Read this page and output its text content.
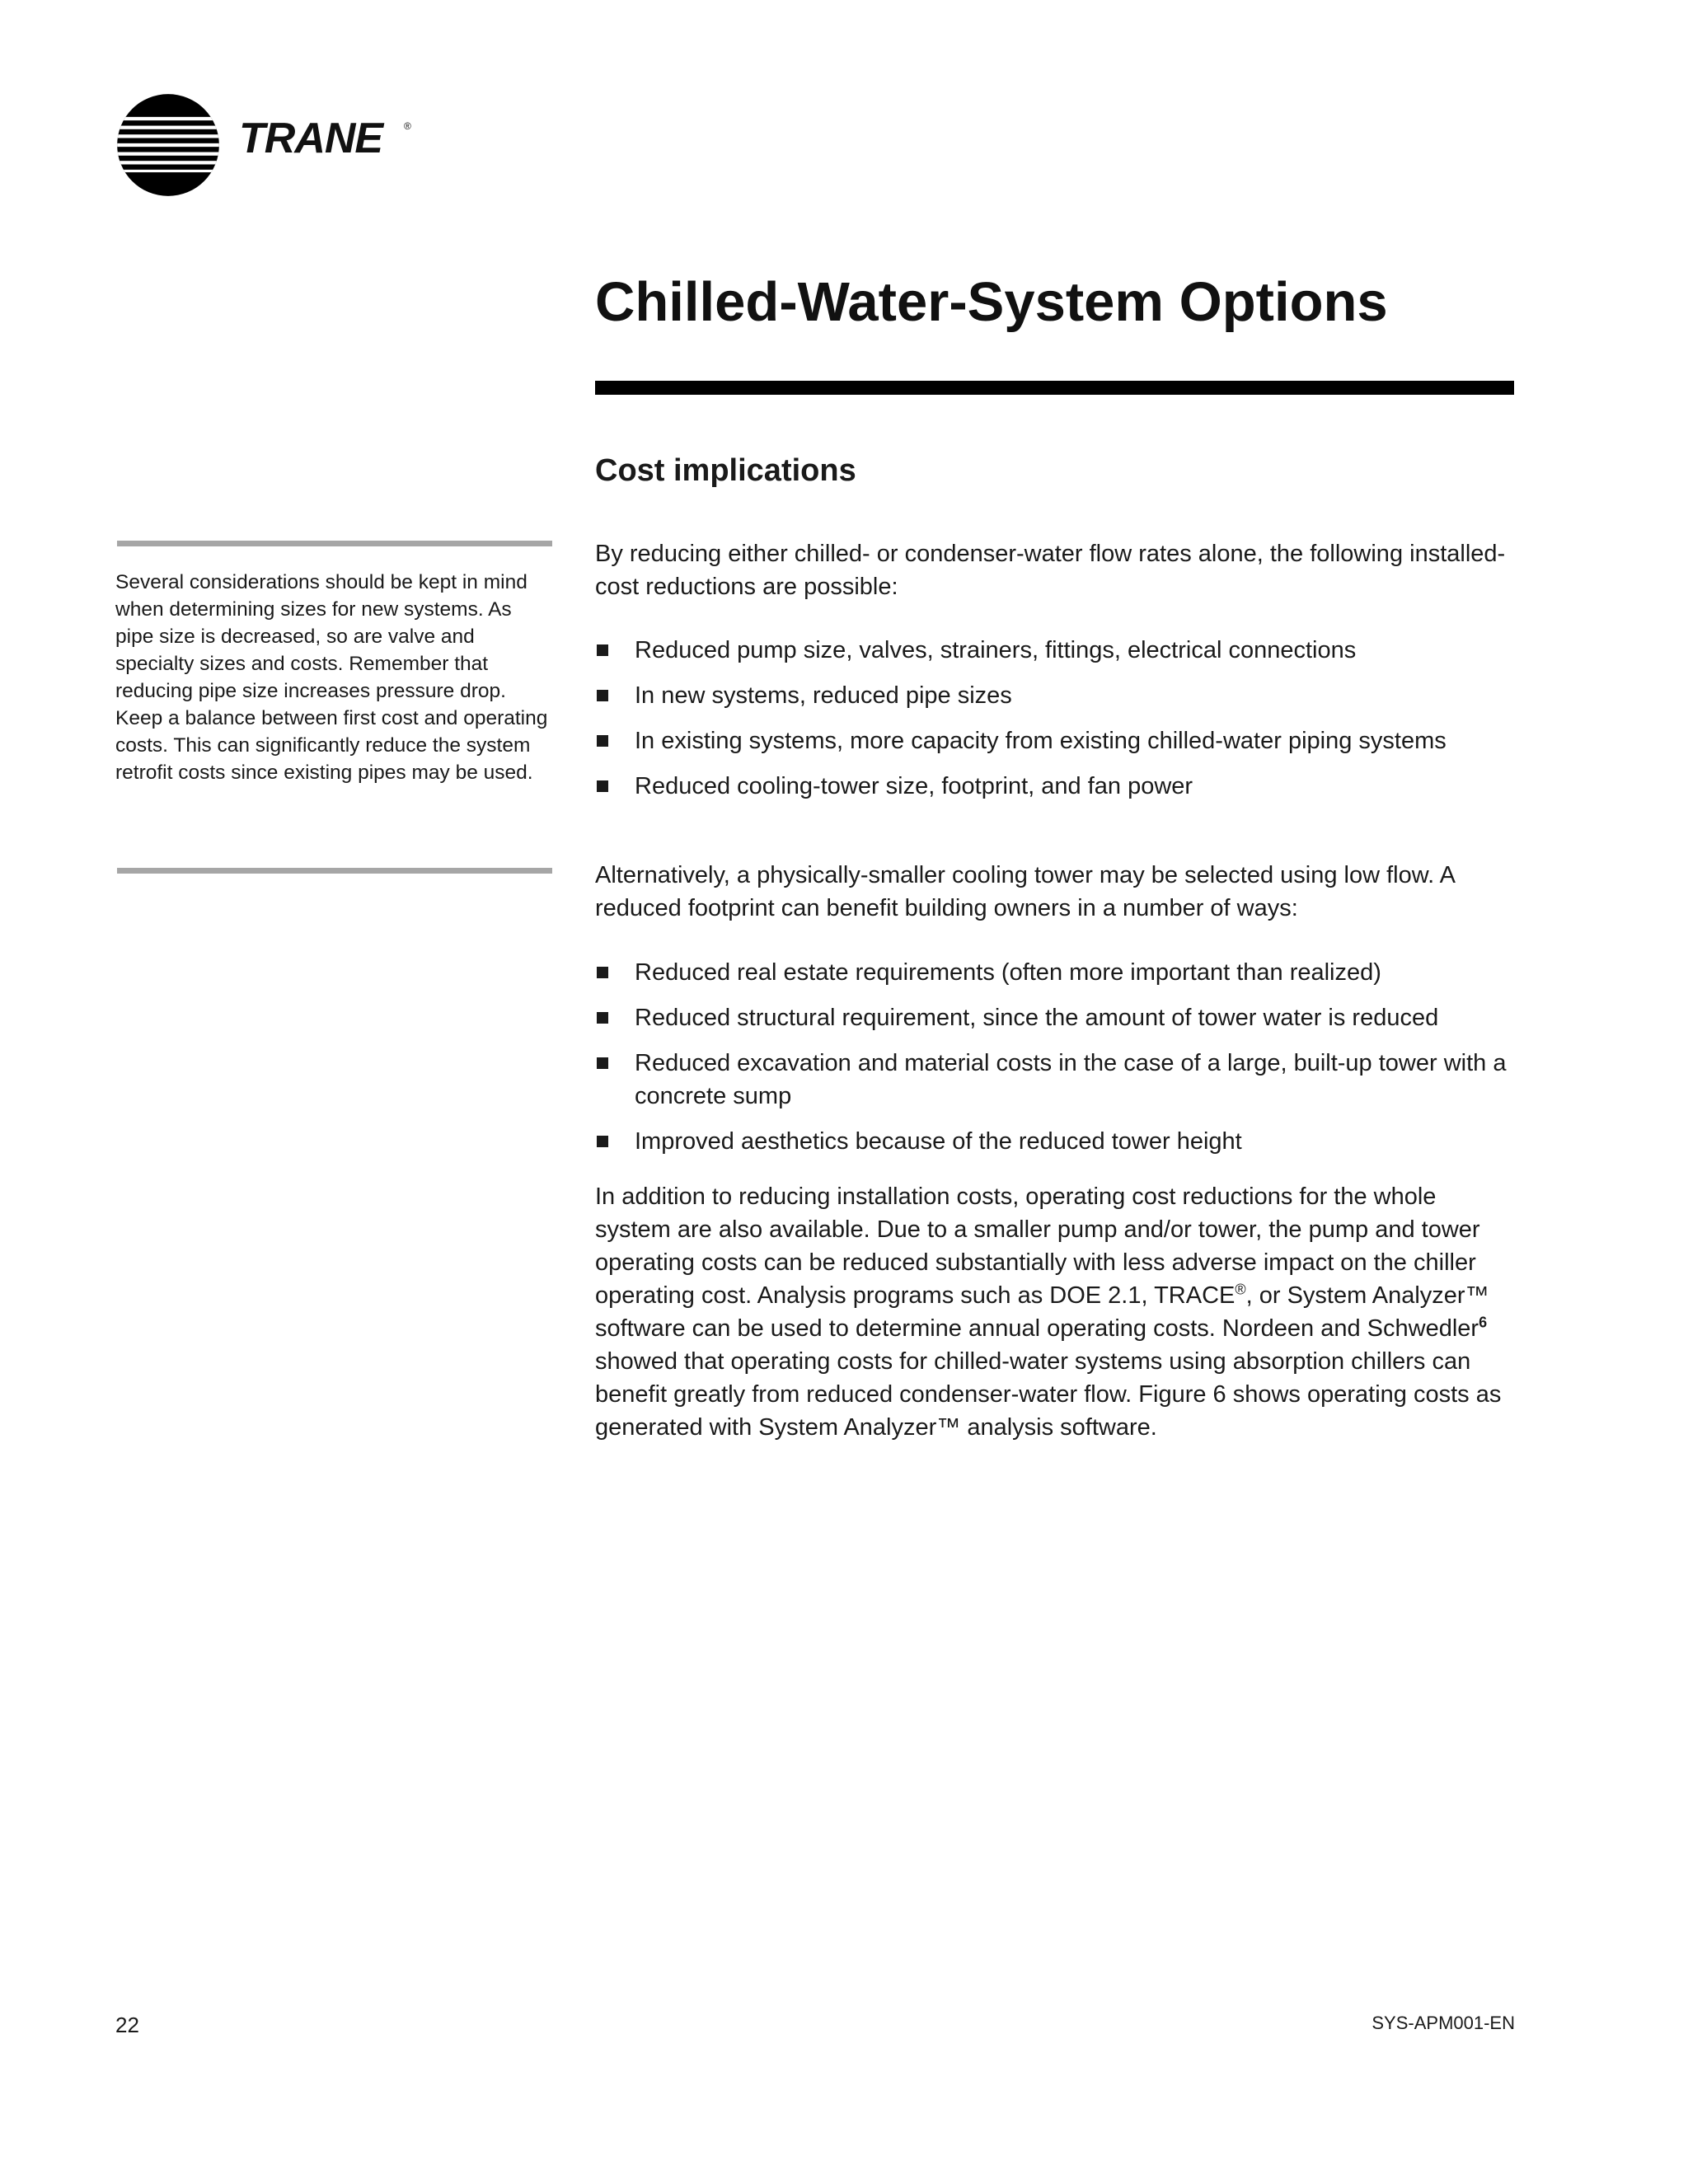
TRANE ®
Chilled-Water-System Options
Cost implications

Several considerations should be kept in mind when determining sizes for new systems. As pipe size is decreased, so are valve and specialty sizes and costs. Remember that reducing pipe size increases pressure drop. Keep a balance between first cost and operating costs. This can significantly reduce the system retrofit costs since existing pipes may be used.

By reducing either chilled- or condenser-water flow rates alone, the following installed-cost reductions are possible:

Reduced pump size, valves, strainers, fittings, electrical connections
In new systems, reduced pipe sizes
In existing systems, more capacity from existing chilled-water piping systems
Reduced cooling-tower size, footprint, and fan power

Alternatively, a physically-smaller cooling tower may be selected using low flow. A reduced footprint can benefit building owners in a number of ways:

Reduced real estate requirements (often more important than realized)
Reduced structural requirement, since the amount of tower water is reduced
Reduced excavation and material costs in the case of a large, built-up tower with a concrete sump
Improved aesthetics because of the reduced tower height

In addition to reducing installation costs, operating cost reductions for the whole system are also available. Due to a smaller pump and/or tower, the pump and tower operating costs can be reduced substantially with less adverse impact on the chiller operating cost. Analysis programs such as DOE 2.1, TRACE®, or System Analyzer™ software can be used to determine annual operating costs. Nordeen and Schwedler$^6$ showed that operating costs for chilled-water systems using absorption chillers can benefit greatly from reduced condenser-water flow. Figure 6 shows operating costs as generated with System Analyzer™ analysis software.

22	SYS-APM001-EN
